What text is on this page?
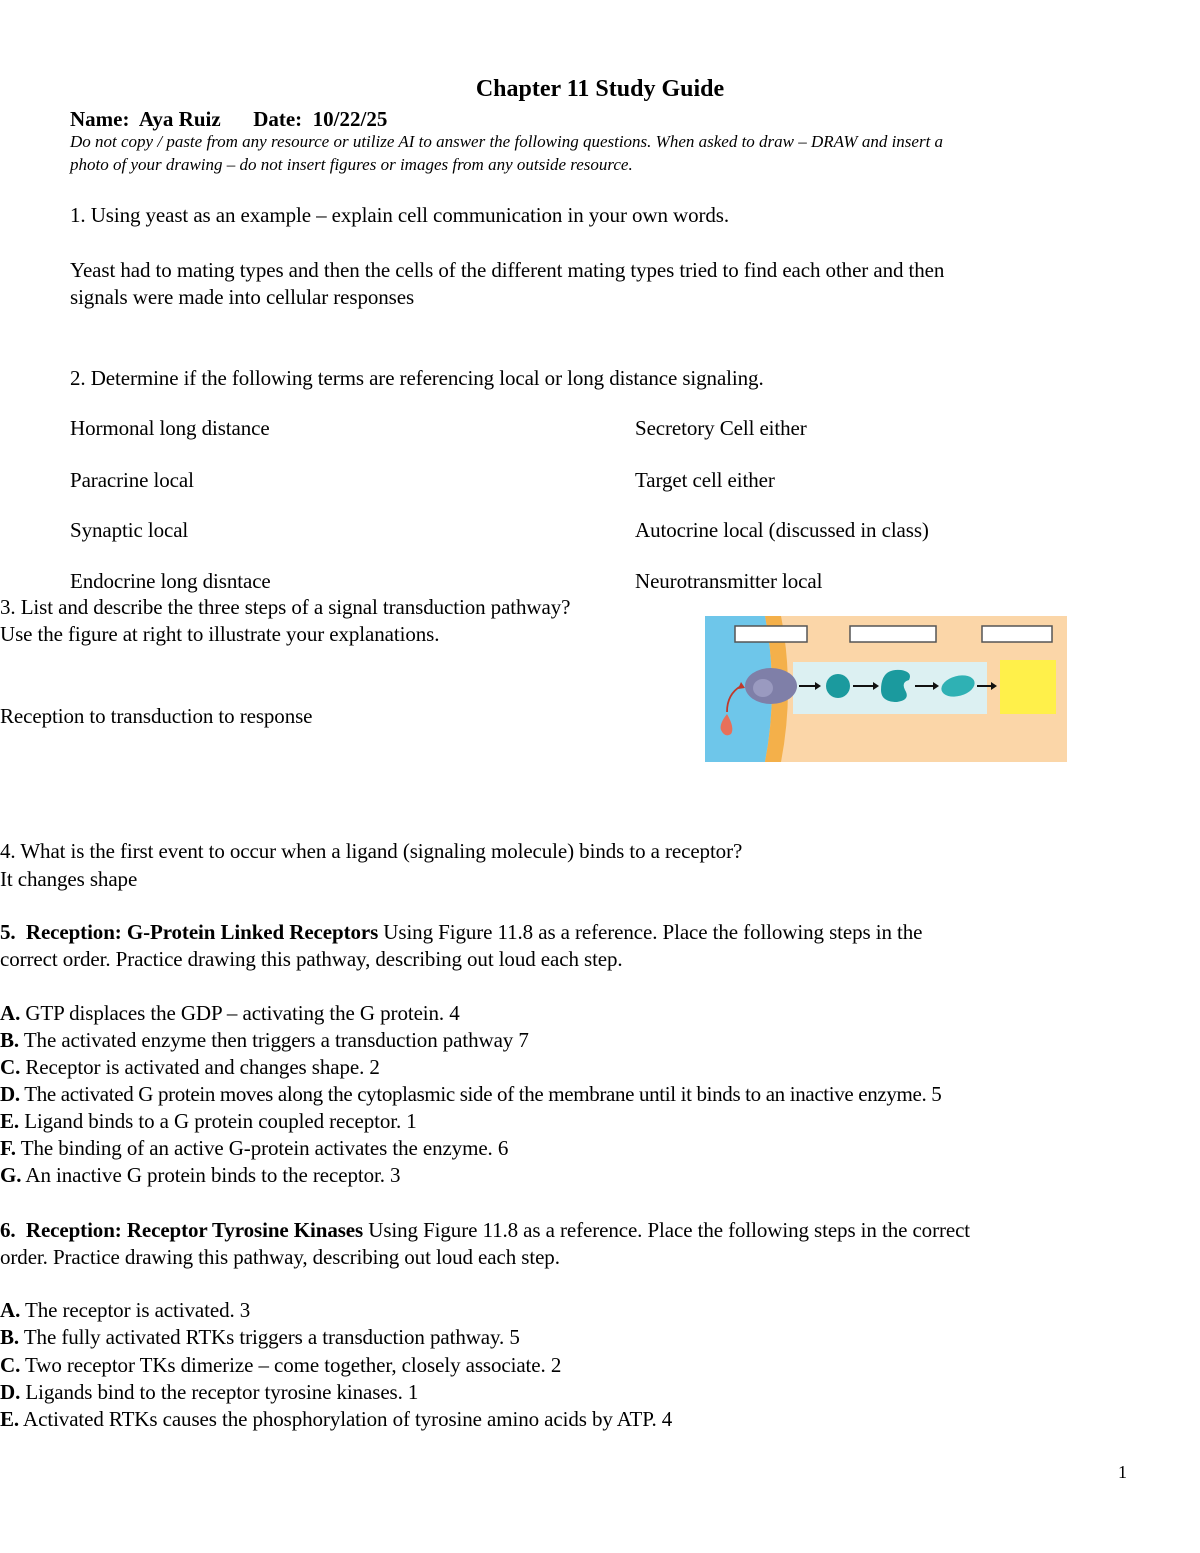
Chapter 11 Study Guide
Name: Aya Ruiz Date: 10/22/25
Do not copy / paste from any resource or utilize AI to answer the following questions. When asked to draw – DRAW and insert a
photo of your drawing – do not insert figures or images from any outside resource.
1. Using yeast as an example – explain cell communication in your own words.
Yeast had to mating types and then the cells of the different mating types tried to find each other and then
signals were made into cellular responses
2. Determine if the following terms are referencing local or long distance signaling.
Hormonal long distance
Paracrine local
Synaptic local
Endocrine long disntace
Secretory Cell either
Target cell either
Autocrine local (discussed in class)
Neurotransmitter local
3. List and describe the three steps of a signal transduction pathway?
Use the figure at right to illustrate your explanations.
Reception to transduction to response
4. What is the first event to occur when a ligand (signaling molecule) binds to a receptor?
It changes shape
5. Reception: G-Protein Linked Receptors Using Figure 11.8 as a reference. Place the following steps in the
correct order. Practice drawing this pathway, describing out loud each step.
A. GTP displaces the GDP – activating the G protein. 4
B. The activated enzyme then triggers a transduction pathway 7
C. Receptor is activated and changes shape. 2
D. The activated G protein moves along the cytoplasmic side of the membrane until it binds to an inactive enzyme. 5
E. Ligand binds to a G protein coupled receptor. 1
F. The binding of an active G-protein activates the enzyme. 6
G. An inactive G protein binds to the receptor. 3
6. Reception: Receptor Tyrosine Kinases Using Figure 11.8 as a reference. Place the following steps in the correct
order. Practice drawing this pathway, describing out loud each step.
A. The receptor is activated. 3
B. The fully activated RTKs triggers a transduction pathway. 5
C. Two receptor TKs dimerize – come together, closely associate. 2
D. Ligands bind to the receptor tyrosine kinases. 1
E. Activated RTKs causes the phosphorylation of tyrosine amino acids by ATP. 4
1
